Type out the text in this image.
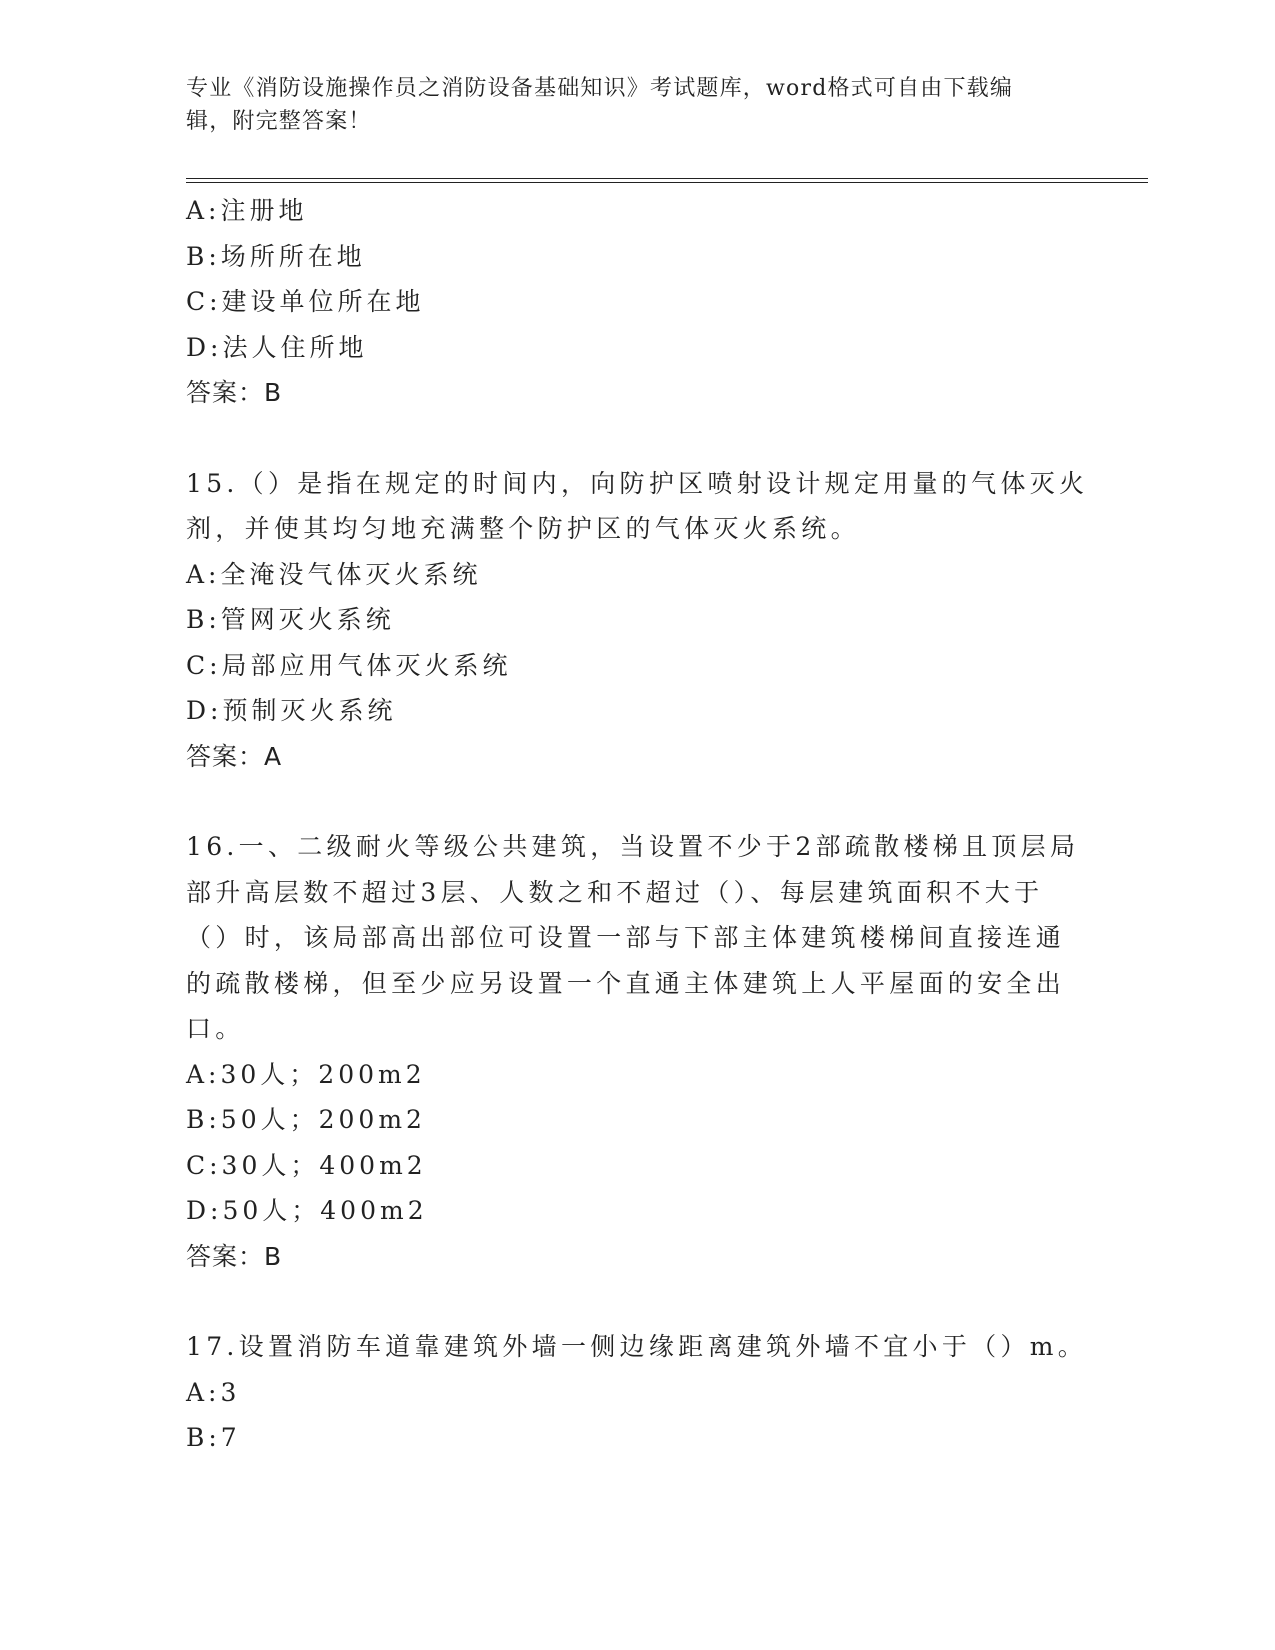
专业《消防设施操作员之消防设备基础知识》考试题库，word格式可自由下载编
辑，附完整答案！
A:注册地
B:场所所在地
C:建设单位所在地
D:法人住所地
答案：B
15.（）是指在规定的时间内，向防护区喷射设计规定用量的气体灭火
剂，并使其均匀地充满整个防护区的气体灭火系统。
A:全淹没气体灭火系统
B:管网灭火系统
C:局部应用气体灭火系统
D:预制灭火系统
答案：A
16.一、二级耐火等级公共建筑，当设置不少于2部疏散楼梯且顶层局
部升高层数不超过3层、人数之和不超过（）、每层建筑面积不大于
（）时，该局部高出部位可设置一部与下部主体建筑楼梯间直接连通
的疏散楼梯，但至少应另设置一个直通主体建筑上人平屋面的安全出
口。
A:30人；200m2
B:50人；200m2
C:30人；400m2
D:50人；400m2
答案：B
17.设置消防车道靠建筑外墙一侧边缘距离建筑外墙不宜小于（）m。
A:3
B:7
